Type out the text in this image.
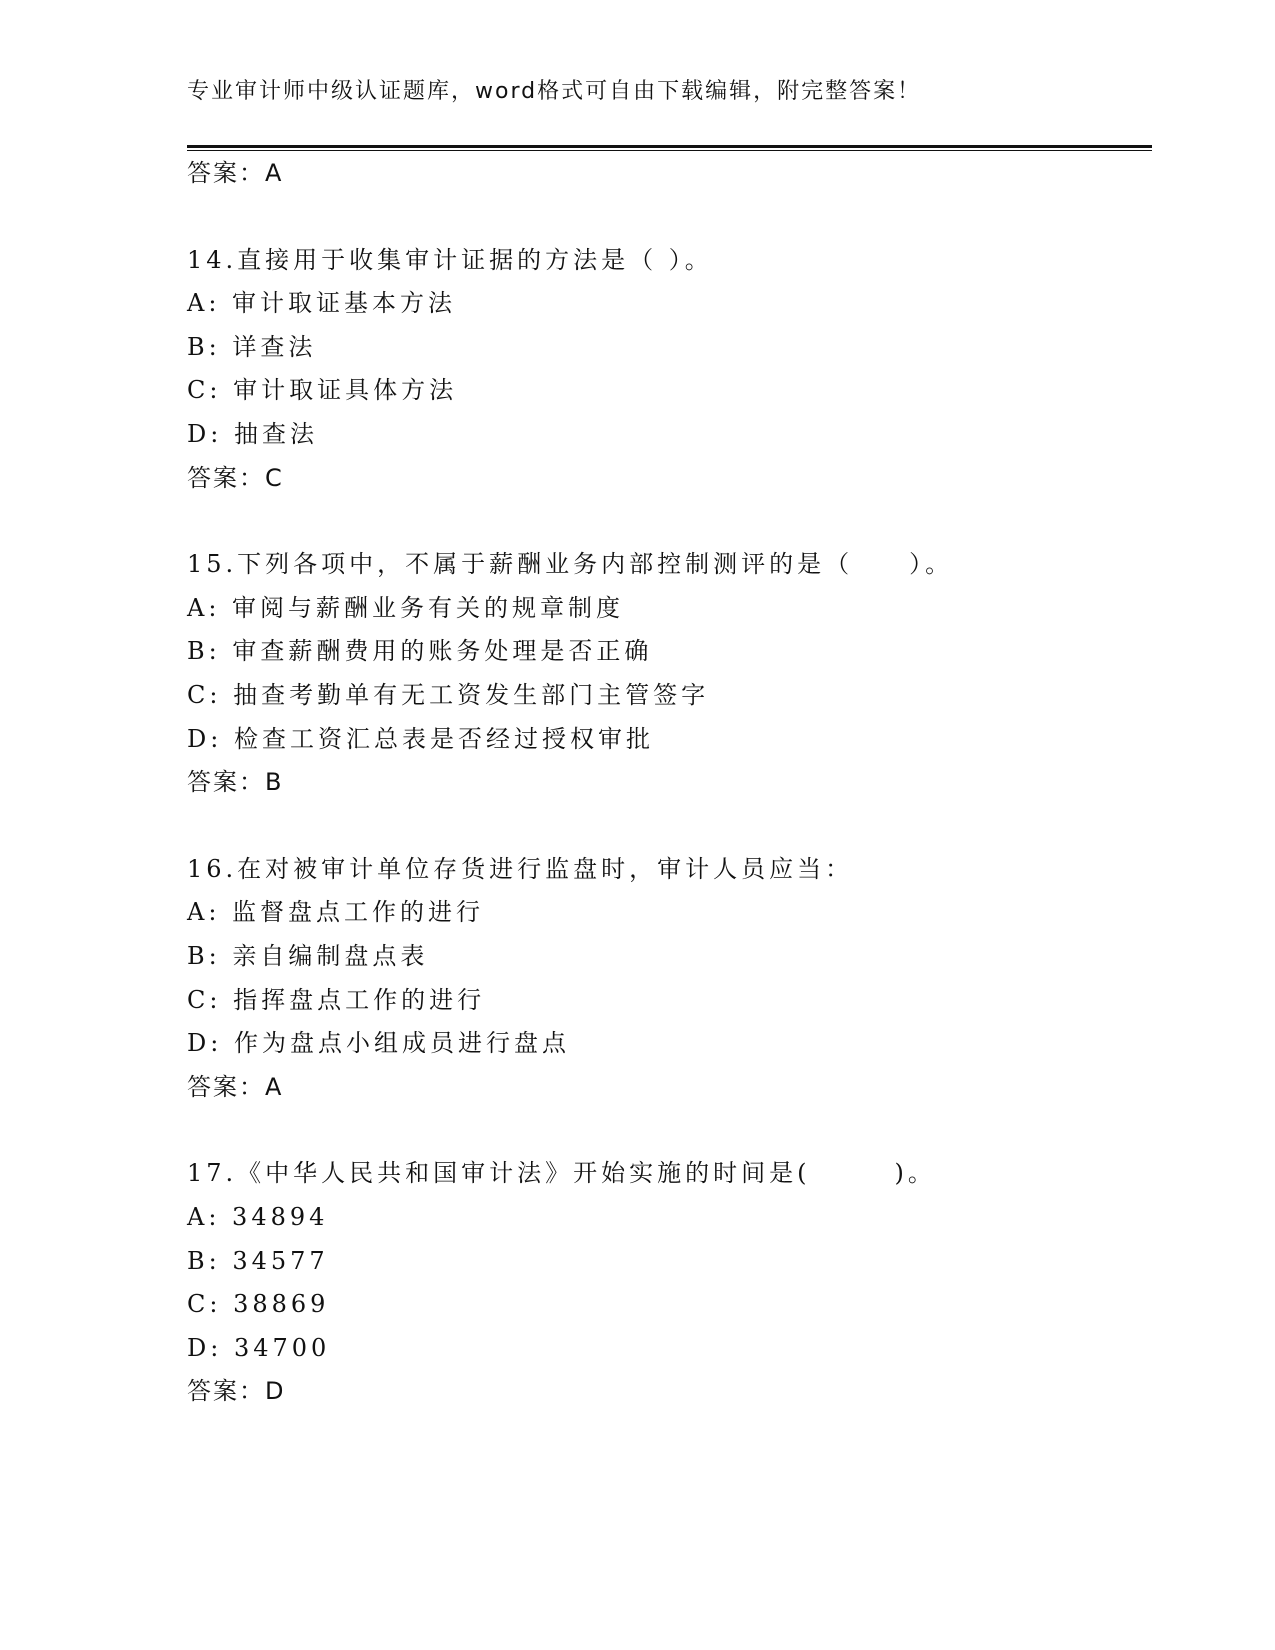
专业审计师中级认证题库，word格式可自由下载编辑，附完整答案！
答案：A
14.直接用于收集审计证据的方法是（ ）。
A: 审计取证基本方法
B: 详查法
C: 审计取证具体方法
D: 抽查法
答案：C
15.下列各项中，不属于薪酬业务内部控制测评的是（　　）。
A: 审阅与薪酬业务有关的规章制度
B: 审查薪酬费用的账务处理是否正确
C: 抽查考勤单有无工资发生部门主管签字
D: 检查工资汇总表是否经过授权审批
答案：B
16.在对被审计单位存货进行监盘时，审计人员应当：
A: 监督盘点工作的进行
B: 亲自编制盘点表
C: 指挥盘点工作的进行
D: 作为盘点小组成员进行盘点
答案：A
17.《中华人民共和国审计法》开始实施的时间是(　　　)。
A: 34894
B: 34577
C: 38869
D: 34700
答案：D
